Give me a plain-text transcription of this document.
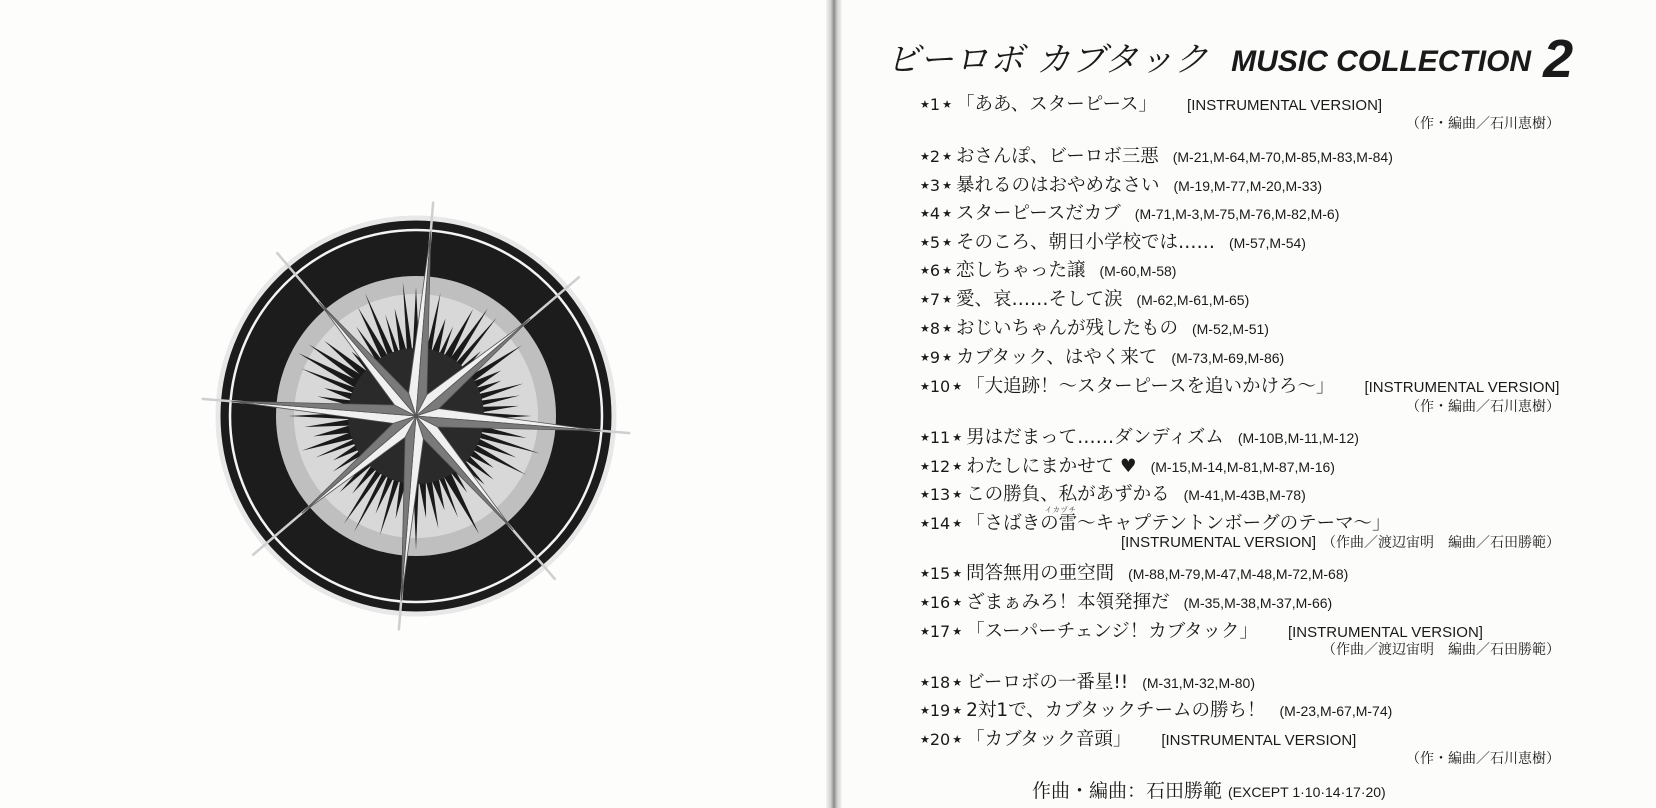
ビーロボ カブタック MUSIC COLLECTION 2
★1 ★ 「ああ、スターピース」 [INSTRUMENTAL VERSION]
（作・編曲／石川恵樹）
★2 ★ おさんぽ、ビーロボ三悪 (M-21,M-64,M-70,M-85,M-83,M-84)
★3 ★ 暴れるのはおやめなさい (M-19,M-77,M-20,M-33)
★4 ★ スターピースだカブ (M-71,M-3,M-75,M-76,M-82,M-6)
★5 ★ そのころ、朝日小学校では…… (M-57,M-54)
★6 ★ 恋しちゃった譲 (M-60,M-58)
★7 ★ 愛、哀……そして涙 (M-62,M-61,M-65)
★8 ★ おじいちゃんが残したもの (M-52,M-51)
★9 ★ カブタック、はやく来て (M-73,M-69,M-86)
★10 ★ 「大追跡！～スターピースを追いかけろ～」 [INSTRUMENTAL VERSION]
（作・編曲／石川恵樹）
★11 ★ 男はだまって……ダンディズム (M-10B,M-11,M-12)
★12 ★ わたしにまかせて ♥ (M-15,M-14,M-81,M-87,M-16)
★13 ★ この勝負、私があずかる (M-41,M-43B,M-78)
★14 ★ 「さばきの雷～キャプテントンボーグのテーマ～」
[INSTRUMENTAL VERSION] （作曲／渡辺宙明　編曲／石田勝範）
★15 ★ 問答無用の亜空間 (M-88,M-79,M-47,M-48,M-72,M-68)
★16 ★ ざまぁみろ！本領発揮だ (M-35,M-38,M-37,M-66)
★17 ★ 「スーパーチェンジ！カブタック」 [INSTRUMENTAL VERSION]
（作曲／渡辺宙明　編曲／石田勝範）
★18 ★ ビーロボの一番星!! (M-31,M-32,M-80)
★19 ★ 2対1で、カブタックチームの勝ち！ (M-23,M-67,M-74)
★20 ★ 「カブタック音頭」 [INSTRUMENTAL VERSION]
（作・編曲／石川恵樹）
イカヅチ
作曲・編曲：石田勝範 (EXCEPT 1·10·14·17·20)
